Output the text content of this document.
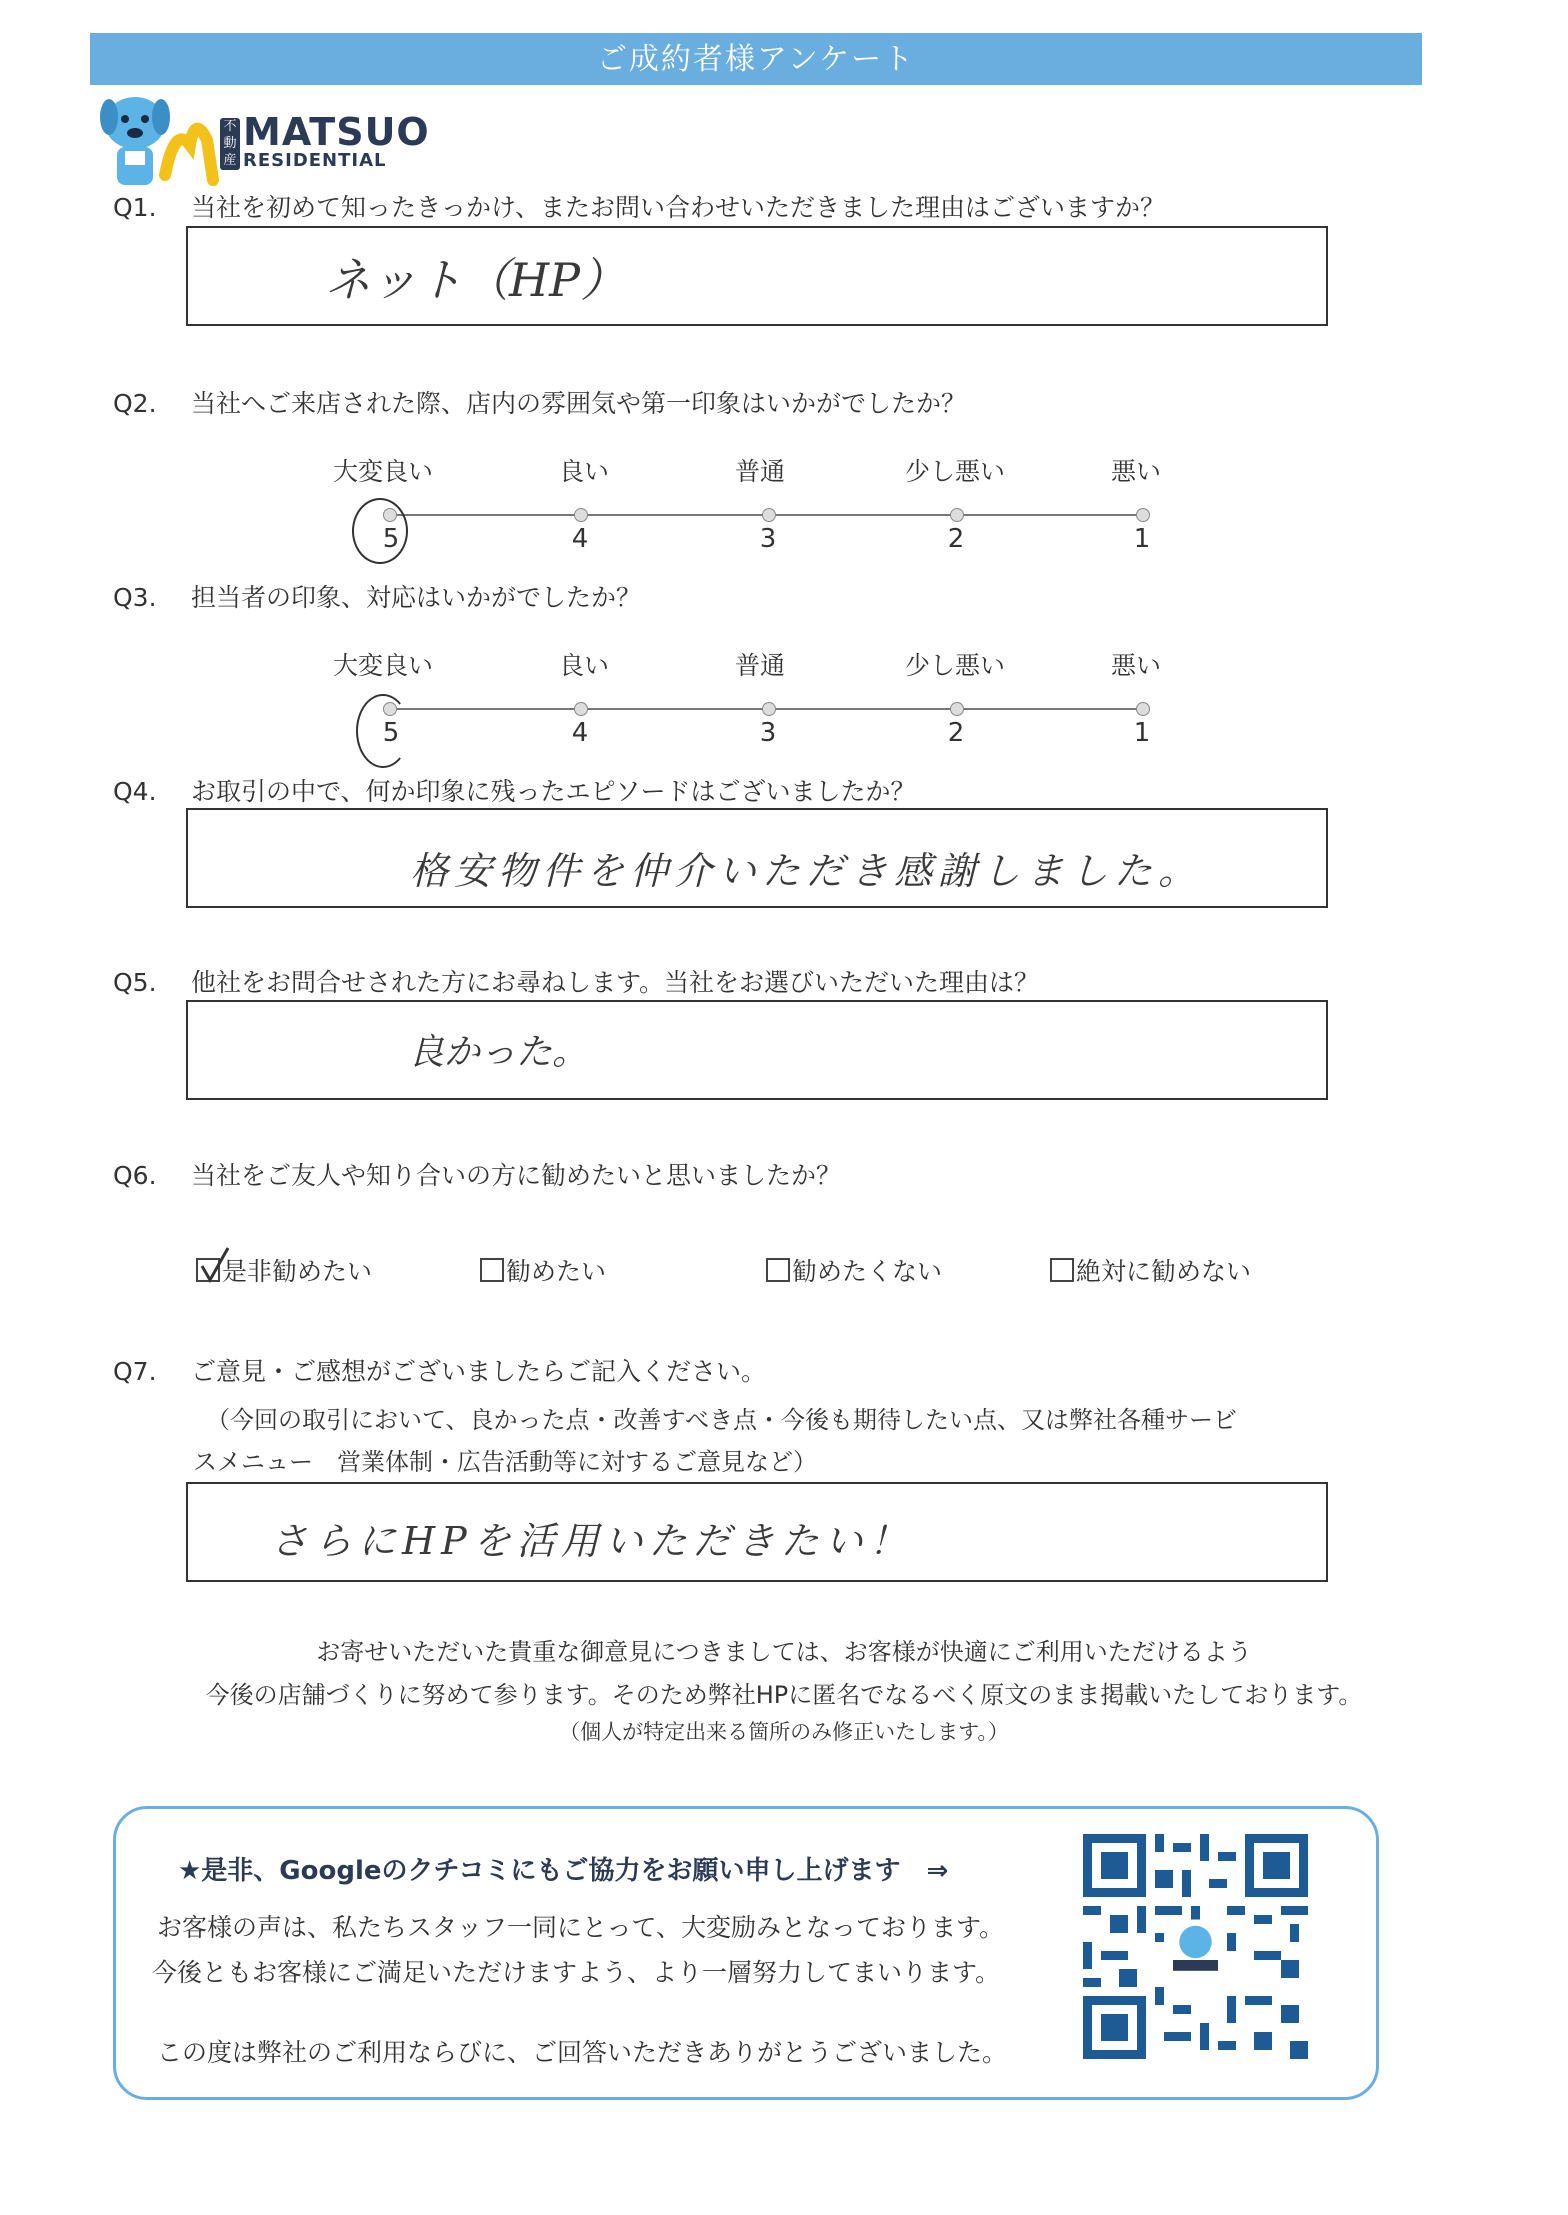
ご成約者様アンケート
不動産
MATSUO
RESIDENTIAL
Q1. 当社を初めて知ったきっかけ、またお問い合わせいただきました理由はございますか？
ネット（HP）
Q2. 当社へご来店された際、店内の雰囲気や第一印象はいかがでしたか？
大変良い	良い	普通	少し悪い	悪い
5	4	3	2	1
Q3. 担当者の印象、対応はいかがでしたか？
大変良い	良い	普通	少し悪い	悪い
5	4	3	2	1
Q4. お取引の中で、何か印象に残ったエピソードはございましたか？
格安物件を仲介いただき感謝しました。
Q5. 他社をお問合せされた方にお尋ねします。当社をお選びいただいた理由は？
良かった。
Q6. 当社をご友人や知り合いの方に勧めたいと思いましたか？
是非勧めたい	勧めたい	勧めたくない	絶対に勧めない
Q7. ご意見・ご感想がございましたらご記入ください。
（今回の取引において、良かった点・改善すべき点・今後も期待したい点、又は弊社各種サービ
スメニュー　営業体制・広告活動等に対するご意見など）
さらにHPを活用いただきたい！
お寄せいただいた貴重な御意見につきましては、お客様が快適にご利用いただけるよう
今後の店舗づくりに努めて参ります。そのため弊社HPに匿名でなるべく原文のまま掲載いたしております。
（個人が特定出来る箇所のみ修正いたします。）
★是非、Googleのクチコミにもご協力をお願い申し上げます　⇒
お客様の声は、私たちスタッフ一同にとって、大変励みとなっております。
今後ともお客様にご満足いただけますよう、より一層努力してまいります。
この度は弊社のご利用ならびに、ご回答いただきありがとうございました。
